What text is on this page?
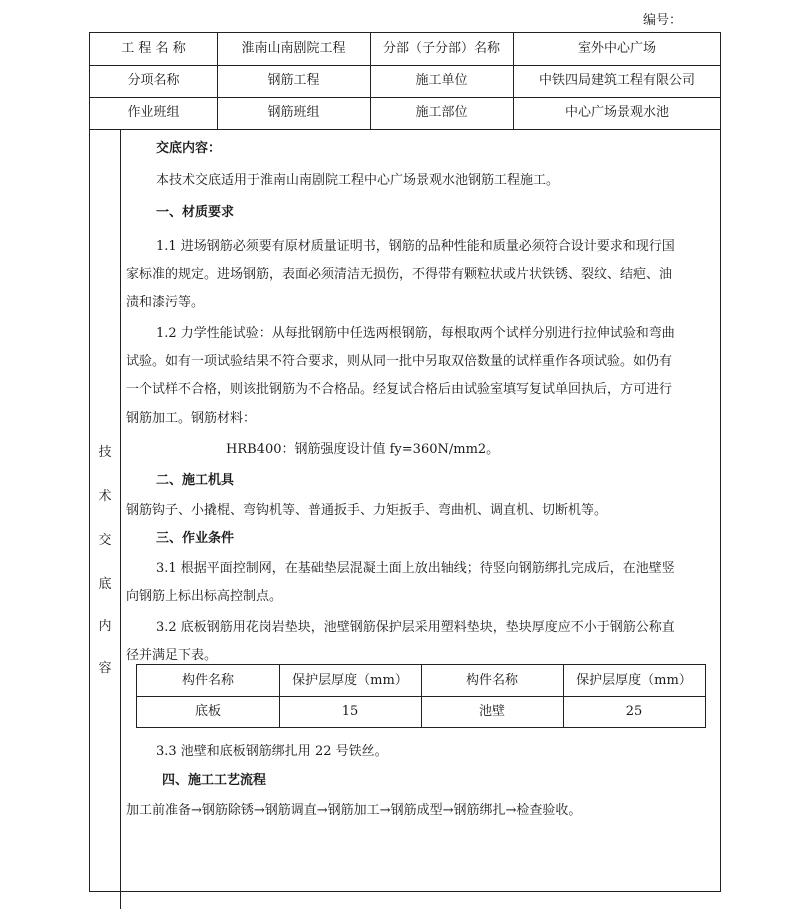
编号：
工 程 名 称	淮南山南剧院工程	分部（子分部）名称	室外中心广场
分项名称	钢筋工程	施工单位	中铁四局建筑工程有限公司
作业班组	钢筋班组	施工部位	中心广场景观水池
技
术
交
底
内
容
交底内容：
本技术交底适用于淮南山南剧院工程中心广场景观水池钢筋工程施工。
一、材质要求
1.1 进场钢筋必须要有原材质量证明书，钢筋的品种性能和质量必须符合设计要求和现行国
家标准的规定。进场钢筋，表面必须清洁无损伤，不得带有颗粒状或片状铁锈、裂纹、结疤、油
渍和漆污等。
1.2 力学性能试验：从每批钢筋中任选两根钢筋，每根取两个试样分别进行拉伸试验和弯曲
试验。如有一项试验结果不符合要求，则从同一批中另取双倍数量的试样重作各项试验。如仍有
一个试样不合格，则该批钢筋为不合格品。经复试合格后由试验室填写复试单回执后，方可进行
钢筋加工。钢筋材料：
HRB400：钢筋强度设计值 fy=360N/mm2。
二、施工机具
钢筋钩子、小撬棍、弯钩机等、普通扳手、力矩扳手、弯曲机、调直机、切断机等。
三、作业条件
3.1 根据平面控制网，在基础垫层混凝土面上放出轴线；待竖向钢筋绑扎完成后，在池壁竖
向钢筋上标出标高控制点。
3.2 底板钢筋用花岗岩垫块，池壁钢筋保护层采用塑料垫块，垫块厚度应不小于钢筋公称直
径并满足下表。
构件名称	保护层厚度（mm）	构件名称	保护层厚度（mm）
底板	15	池壁	25
3.3 池壁和底板钢筋绑扎用 22 号铁丝。
四、施工工艺流程
加工前准备→钢筋除锈→钢筋调直→钢筋加工→钢筋成型→钢筋绑扎→检查验收。
